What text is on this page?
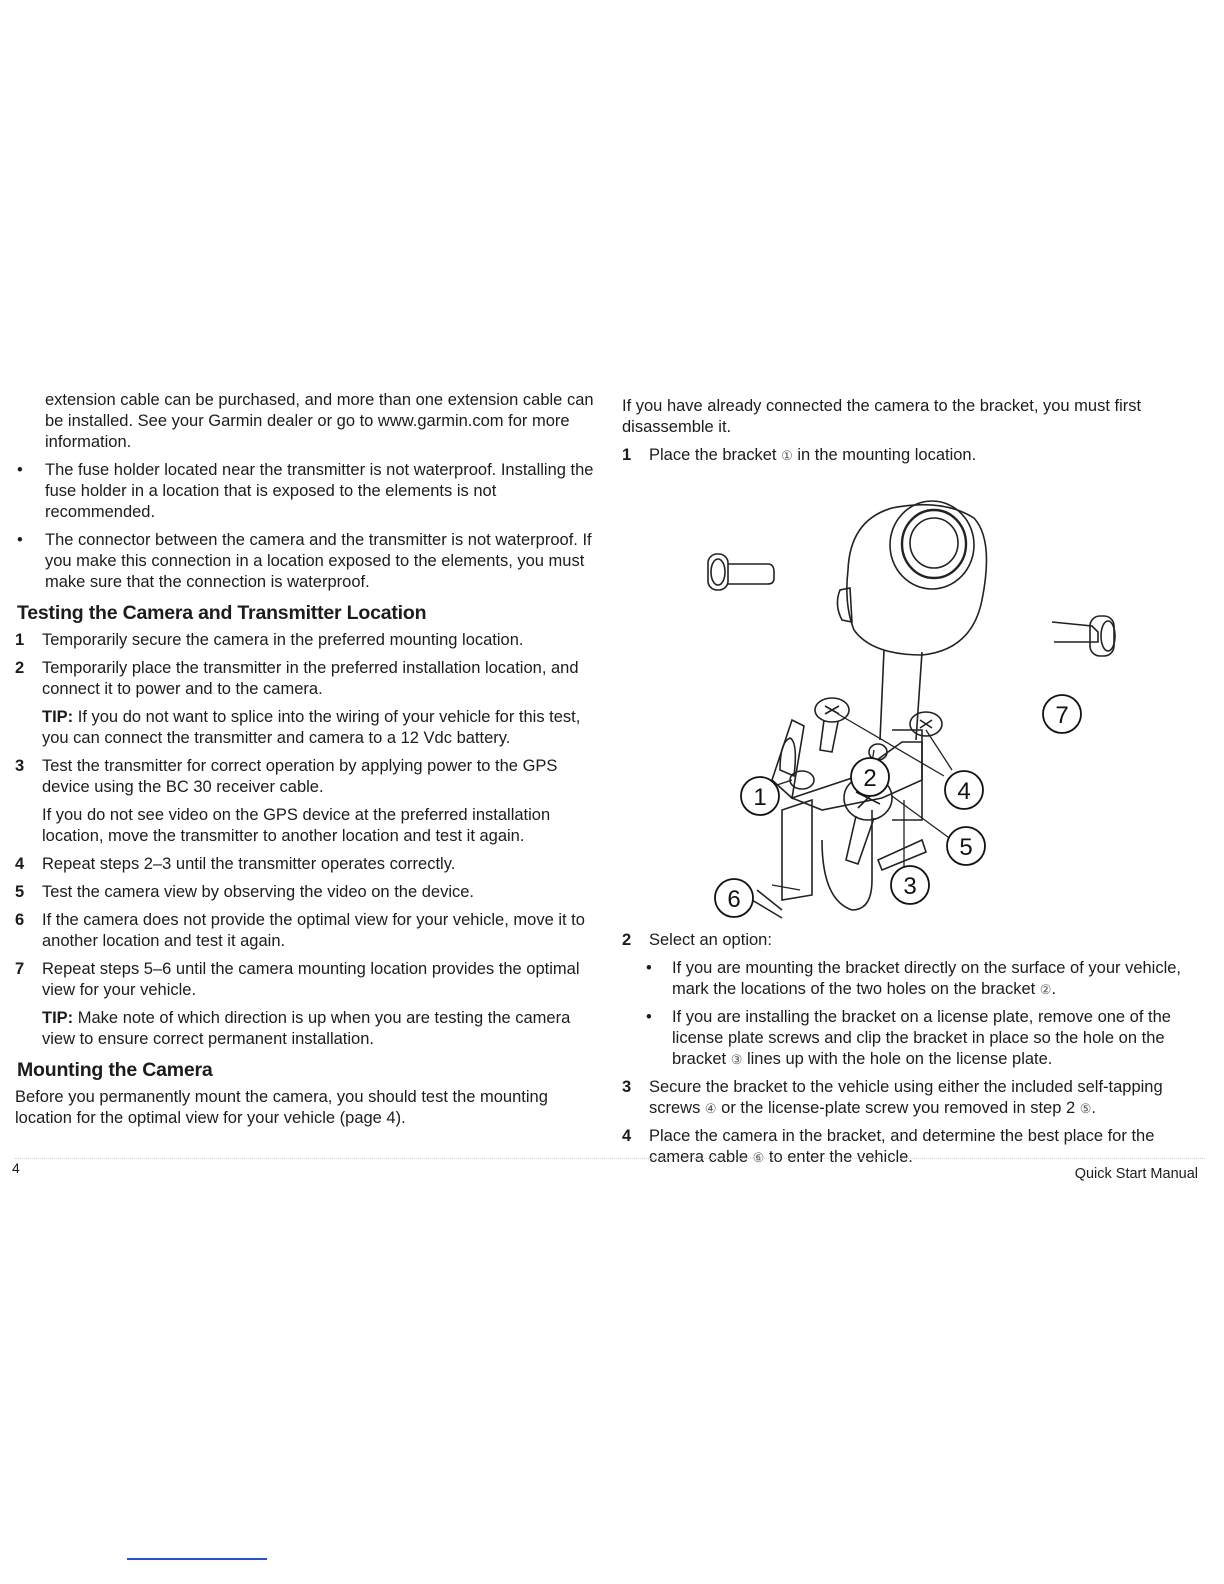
extension cable can be purchased, and more than one extension cable can be installed. See your Garmin dealer or go to www.garmin.com for more information.

• The fuse holder located near the transmitter is not waterproof. Installing the fuse holder in a location that is exposed to the elements is not recommended.
• The connector between the camera and the transmitter is not waterproof. If you make this connection in a location exposed to the elements, you must make sure that the connection is waterproof.
Testing the Camera and Transmitter Location
1 Temporarily secure the camera in the preferred mounting location.
2 Temporarily place the transmitter in the preferred installation location, and connect it to power and to the camera.

TIP: If you do not want to splice into the wiring of your vehicle for this test, you can connect the transmitter and camera to a 12 Vdc battery.

3 Test the transmitter for correct operation by applying power to the GPS device using the BC 30 receiver cable.

If you do not see video on the GPS device at the preferred installation location, move the transmitter to another location and test it again.

4 Repeat steps 2–3 until the transmitter operates correctly.
5 Test the camera view by observing the video on the device.
6 If the camera does not provide the optimal view for your vehicle, move it to another location and test it again.
7 Repeat steps 5–6 until the camera mounting location provides the optimal view for your vehicle.

TIP: Make note of which direction is up when you are testing the camera view to ensure correct permanent installation.

Mounting the Camera

Before you permanently mount the camera, you should test the mounting location for the optimal view for your vehicle (page 4).

If you have already connected the camera to the bracket, you must first disassemble it.

1 Place the bracket ① in the mounting location.
1
2
3
4
5
6
7
2 Select an option:
• If you are mounting the bracket directly on the surface of your vehicle, mark the locations of the two holes on the bracket ②.
• If you are installing the bracket on a license plate, remove one of the license plate screws and clip the bracket in place so the hole on the bracket ③ lines up with the hole on the license plate.
3 Secure the bracket to the vehicle using either the included self-tapping screws ④ or the license-plate screw you removed in step 2 ⑤.
4 Place the camera in the bracket, and determine the best place for the camera cable ⑥ to enter the vehicle.
4	Quick Start Manual
